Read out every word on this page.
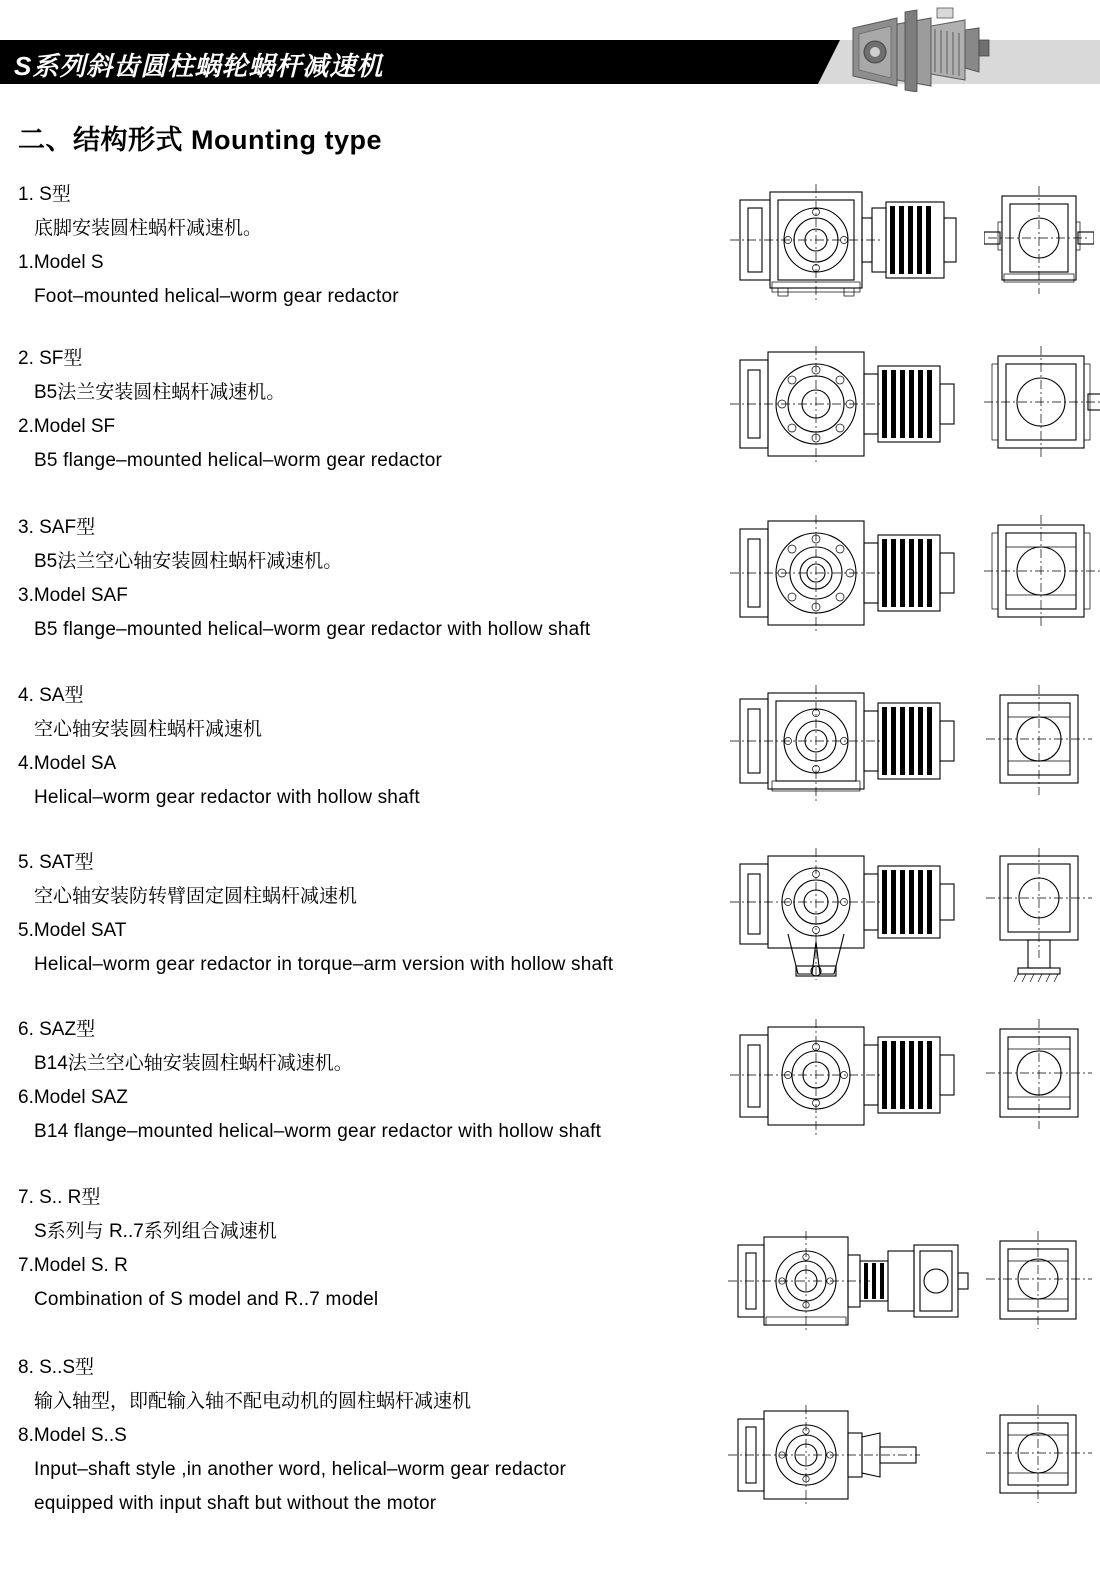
S系列斜齿圆柱蜗轮蜗杆减速机
二、结构形式 Mounting type
1. S型
底脚安装圆柱蜗杆减速机。
1.Model S
Foot–mounted helical–worm gear redactor
2. SF型
B5法兰安装圆柱蜗杆减速机。
2.Model SF
B5 flange–mounted helical–worm gear redactor
3. SAF型
B5法兰空心轴安装圆柱蜗杆减速机。
3.Model SAF
B5 flange–mounted helical–worm gear redactor with hollow shaft
4. SA型
空心轴安装圆柱蜗杆减速机
4.Model SA
Helical–worm gear redactor with hollow shaft
5. SAT型
空心轴安装防转臂固定圆柱蜗杆减速机
5.Model SAT
Helical–worm gear redactor in torque–arm version with hollow shaft
6. SAZ型
B14法兰空心轴安装圆柱蜗杆减速机。
6.Model SAZ
B14 flange–mounted helical–worm gear redactor with hollow shaft
7. S.. R型
S系列与 R..7系列组合减速机
7.Model S. R
Combination of S model and R..7 model
8. S..S型
输入轴型，即配输入轴不配电动机的圆柱蜗杆减速机
8.Model S..S
Input–shaft style ,in another word, helical–worm gear redactor
equipped with input shaft but without the motor
